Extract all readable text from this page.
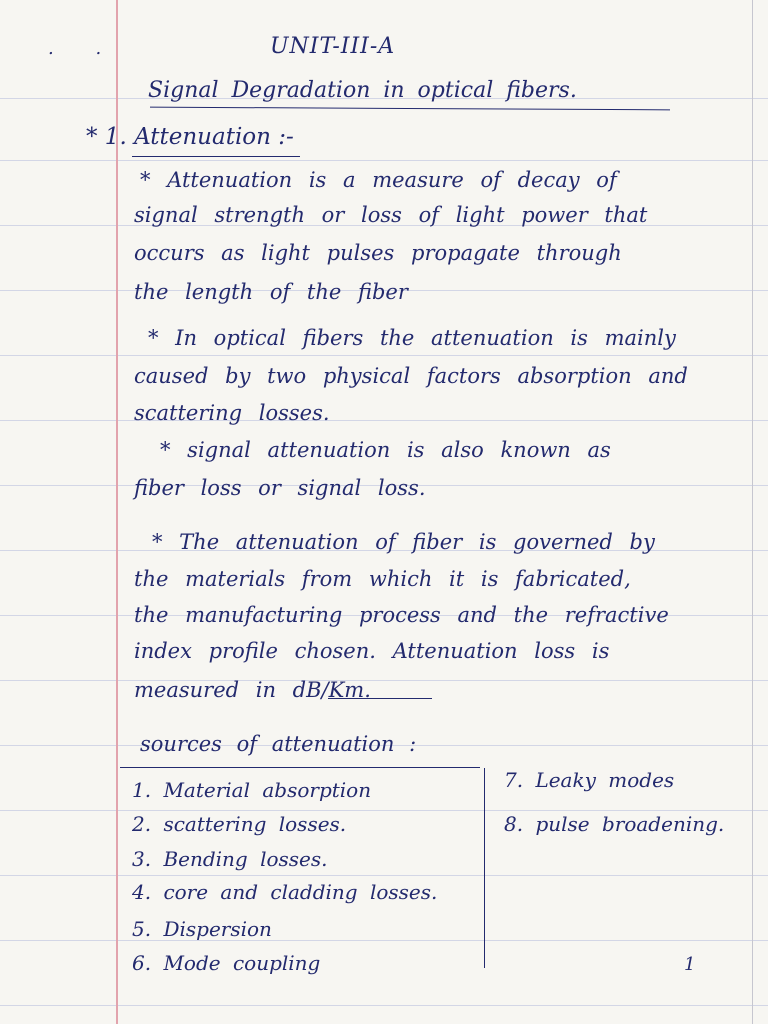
. .	UNIT-III-A
Signal Degradation in optical fibers.
* 1. Attenuation :-
* Attenuation is a measure of decay of
signal strength or loss of light power that
occurs as light pulses propagate through
the length of the fiber
* In optical fibers the attenuation is mainly
caused by two physical factors absorption and
scattering losses.
* signal attenuation is also known as
fiber loss or signal loss.
* The attenuation of fiber is governed by
the materials from which it is fabricated,
the manufacturing process and the refractive
index profile chosen. Attenuation loss is
measured in dB/Km.
sources of attenuation :
1. Material absorption
2. scattering losses.
3. Bending losses.
4. core and cladding losses.
5. Dispersion
6. Mode coupling
7. Leaky modes
8. pulse broadening.
1
